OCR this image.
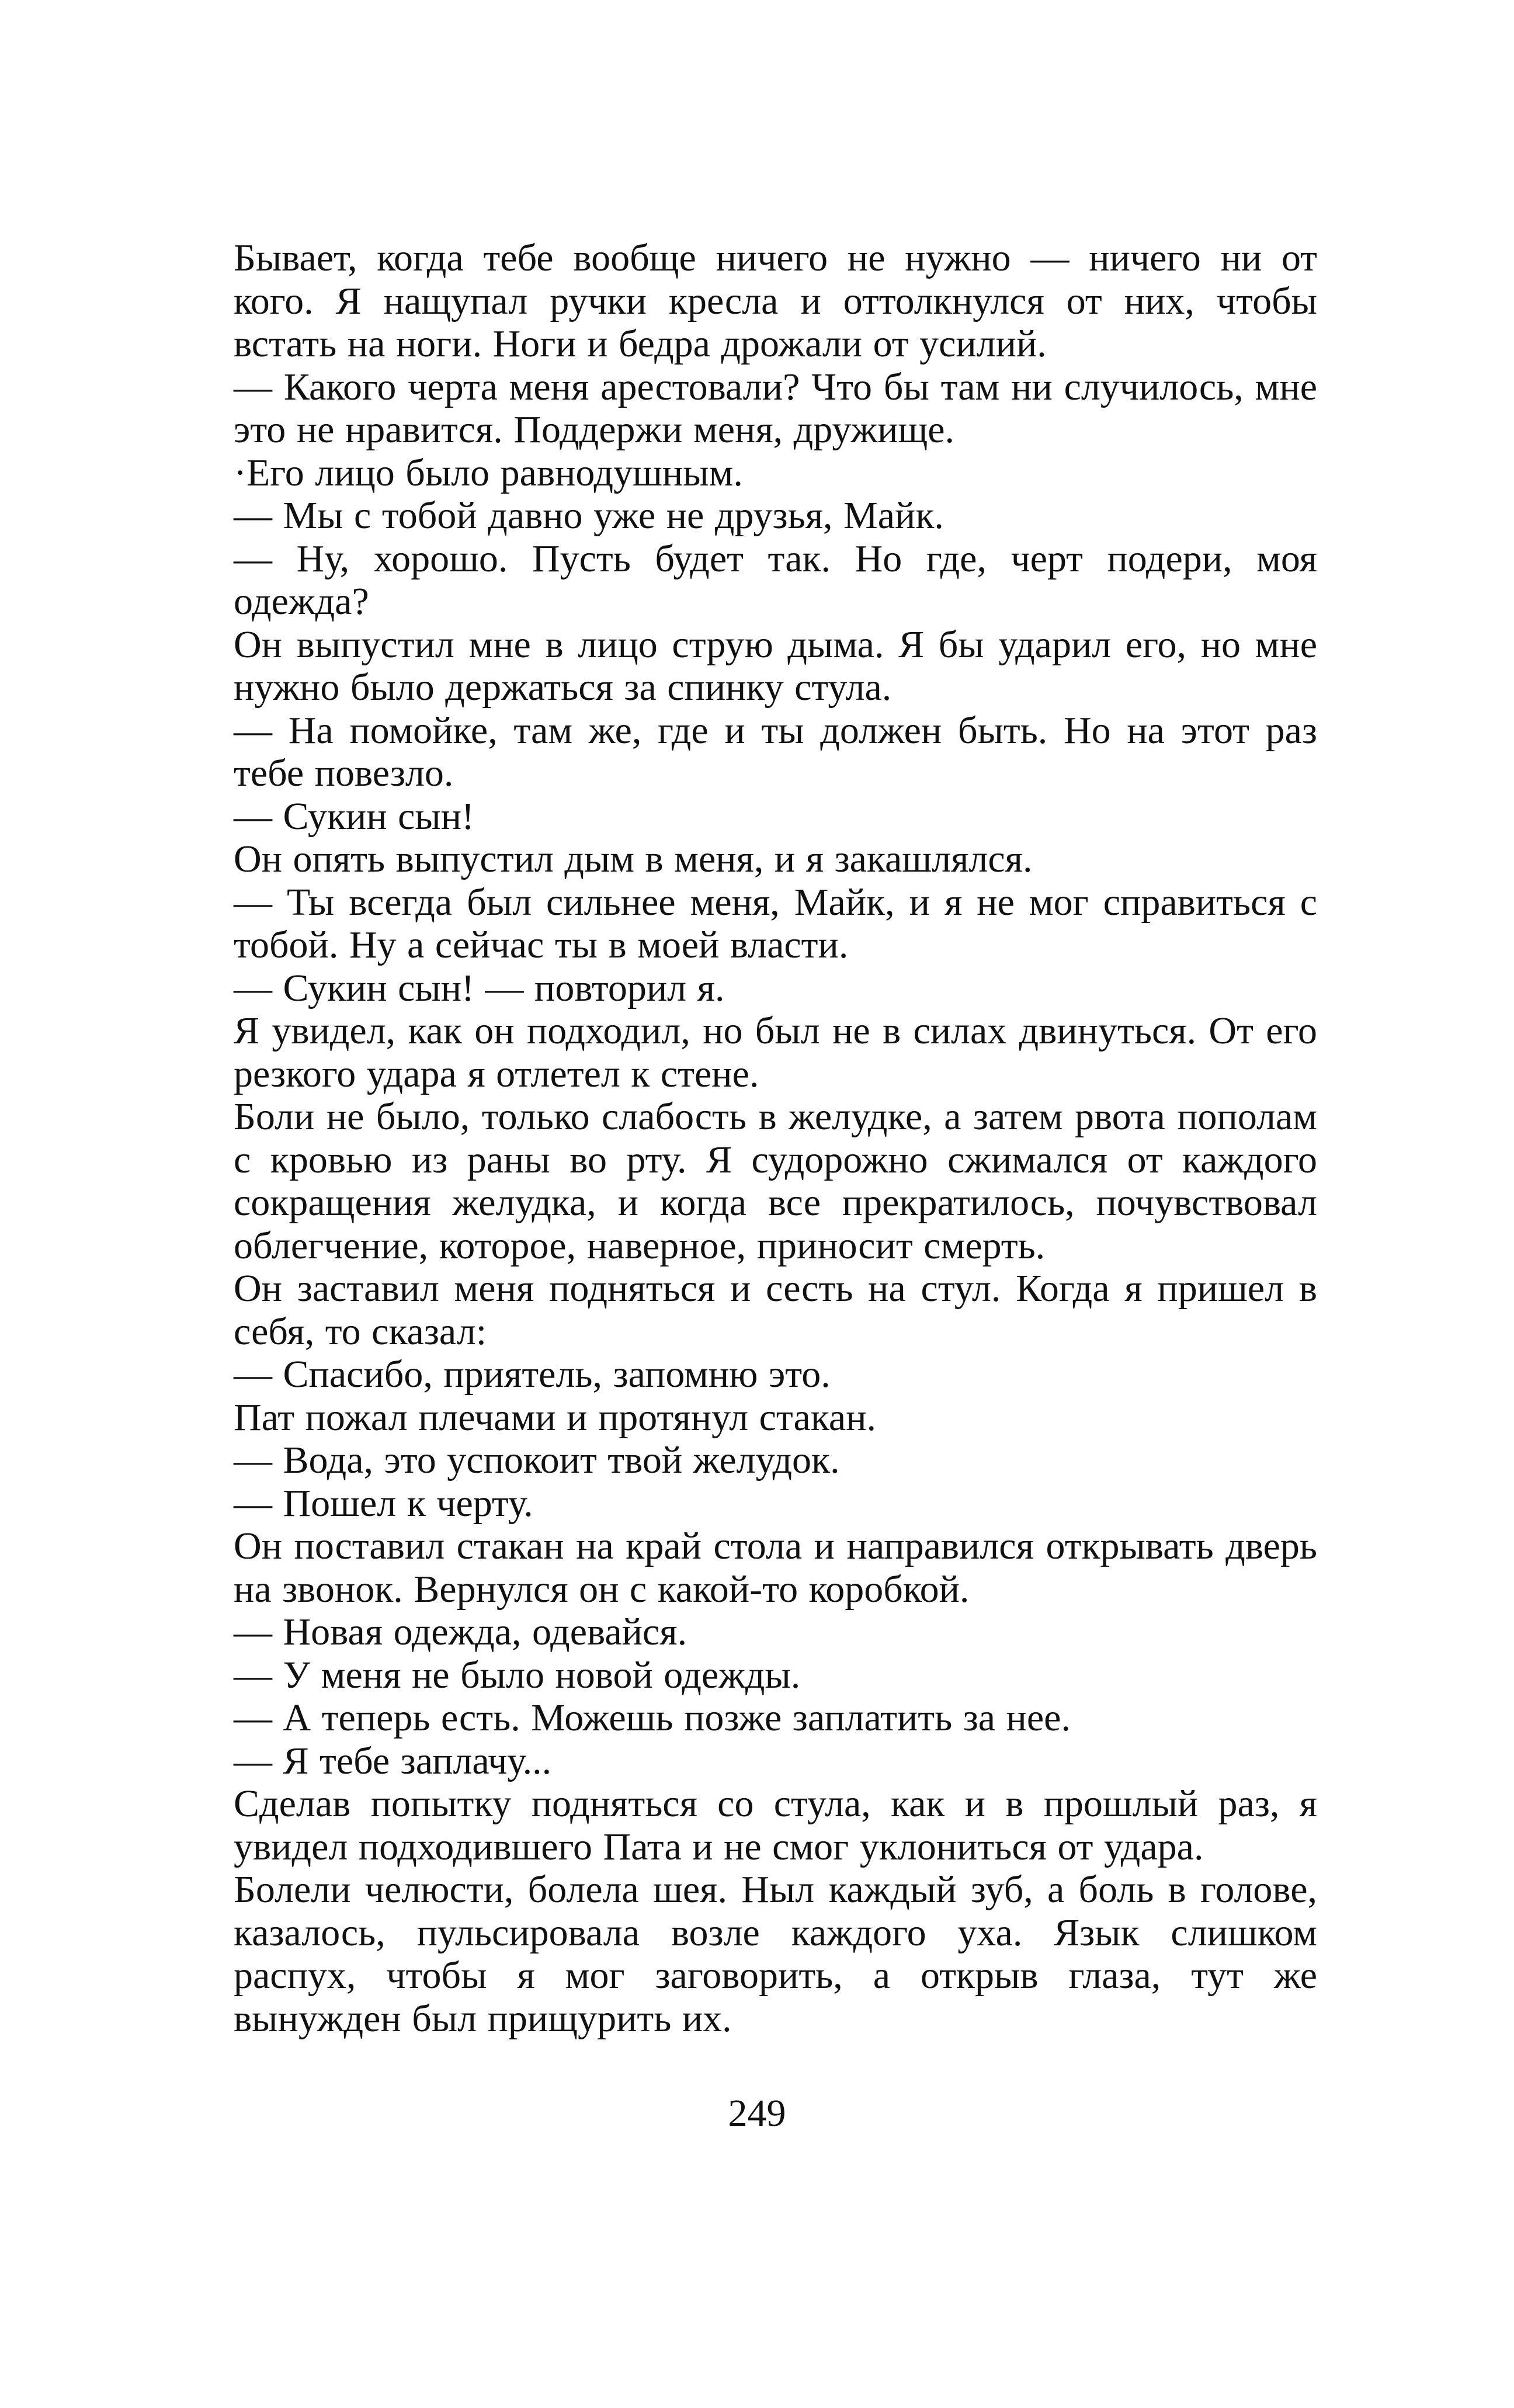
Бывает, когда тебе вообще ничего не нужно — ничего ни от кого. Я нащупал ручки кресла и оттолкнулся от них, чтобы встать на ноги. Ноги и бедра дрожали от усилий.

— Какого черта меня арестовали? Что бы там ни случилось, мне это не нравится. Поддержи меня, дружище.

·Его лицо было равнодушным.

— Мы с тобой давно уже не друзья, Майк.

— Ну, хорошо. Пусть будет так. Но где, черт подери, моя одежда?

Он выпустил мне в лицо струю дыма. Я бы ударил его, но мне нужно было держаться за спинку стула.

— На помойке, там же, где и ты должен быть. Но на этот раз тебе повезло.

— Сукин сын!

Он опять выпустил дым в меня, и я закашлялся.

— Ты всегда был сильнее меня, Майк, и я не мог справиться с тобой. Ну а сейчас ты в моей власти.

— Сукин сын! — повторил я.

Я увидел, как он подходил, но был не в силах двинуться. От его резкого удара я отлетел к стене.

Боли не было, только слабость в желудке, а затем рвота пополам с кровью из раны во рту. Я судорожно сжимался от каждого сокращения желудка, и когда все прекратилось, почувствовал облегчение, которое, наверное, приносит смерть.

Он заставил меня подняться и сесть на стул. Когда я пришел в себя, то сказал:

— Спасибо, приятель, запомню это.

Пат пожал плечами и протянул стакан.

— Вода, это успокоит твой желудок.

— Пошел к черту.

Он поставил стакан на край стола и направился открывать дверь на звонок. Вернулся он с какой-то коробкой.

— Новая одежда, одевайся.

— У меня не было новой одежды.

— А теперь есть. Можешь позже заплатить за нее.

— Я тебе заплачу...

Сделав попытку подняться со стула, как и в прошлый раз, я увидел подходившего Пата и не смог уклониться от удара.

Болели челюсти, болела шея. Ныл каждый зуб, а боль в голове, казалось, пульсировала возле каждого уха. Язык слишком распух, чтобы я мог заговорить, а открыв глаза, тут же вынужден был прищурить их.

249
